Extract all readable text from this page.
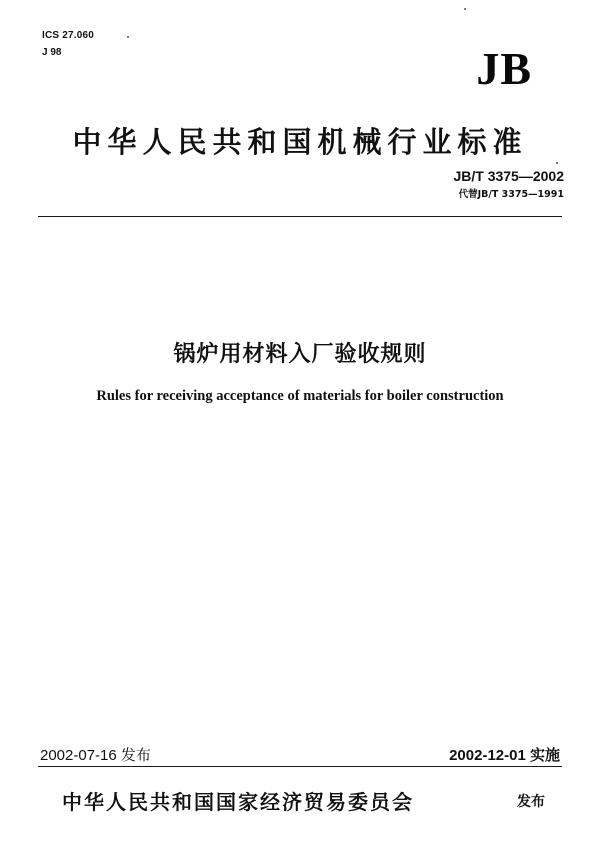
ICS 27.060
J 98	JB
中华人民共和国机械行业标准
JB/T 3375—2002
代替JB/T 3375—1991
锅炉用材料入厂验收规则
Rules for receiving acceptance of materials for boiler construction
2002-07-16 发布	2002-12-01 实施
中华人民共和国国家经济贸易委员会	发布
